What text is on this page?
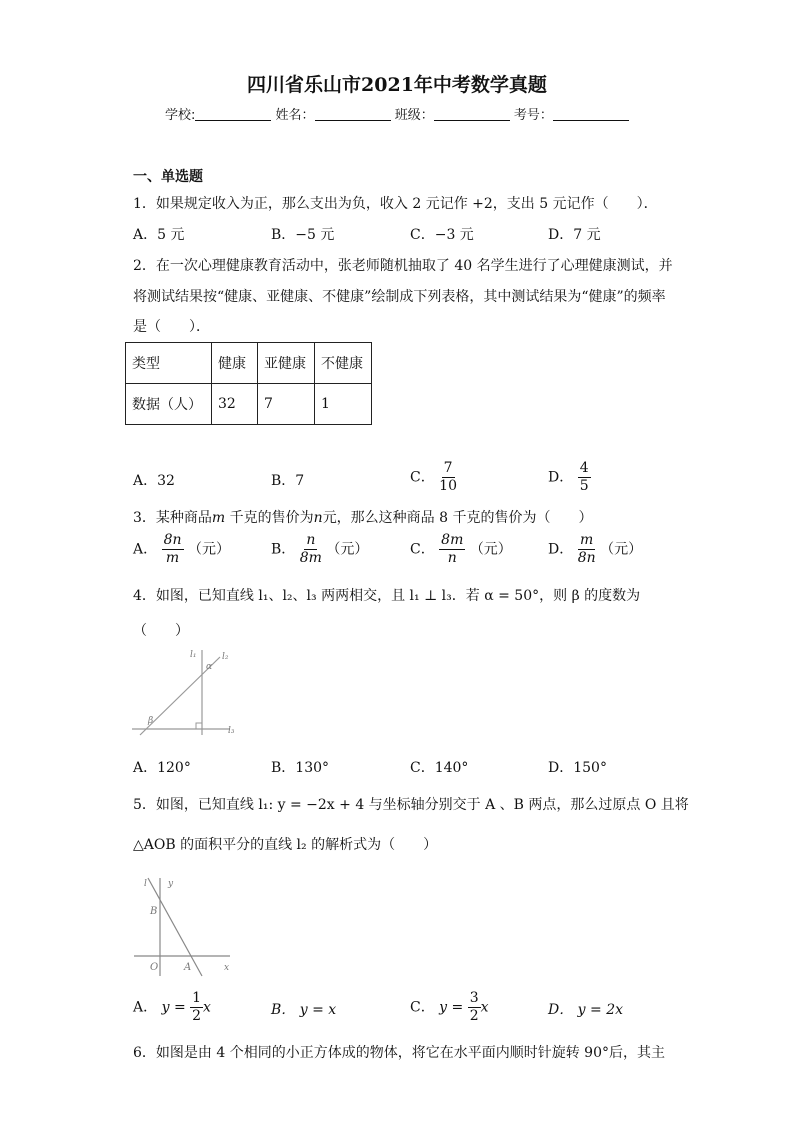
四川省乐山市2021年中考数学真题
学校:	姓名：	班级：	考号：
一、单选题
1．如果规定收入为正，那么支出为负，收入 2 元记作 +2，支出 5 元记作（　　）．
A．5 元	B．−5 元	C．−3 元	D．7 元
2．在一次心理健康教育活动中，张老师随机抽取了 40 名学生进行了心理健康测试，并
将测试结果按“健康、亚健康、不健康”绘制成下列表格，其中测试结果为“健康”的频率
是（　　）．
类型	健康	亚健康	不健康
数据（人）	32	7	1
A．32	B．7	C． $\frac{7}{10}$	D． $\frac{4}{5}$
3．某种商品m 千克的售价为n元，那么这种商品 8 千克的售价为（　　）
A． $\frac{8n}{m}$ （元）	B． $\frac{n}{8m}$ （元）	C． $\frac{8m}{n}$ （元）	D． $\frac{m}{8n}$ （元）
4．如图，已知直线 l₁、l₂、l₃ 两两相交，且 l₁ ⊥ l₃．若 α = 50°，则 β 的度数为
（　　）
l₁	l₂
α
β
l₃
A．120°	B．130°	C．140°	D．150°
5．如图，已知直线 l₁: y = −2x + 4 与坐标轴分别交于 A 、B 两点，那么过原点 O 且将
△AOB 的面积平分的直线 l₂ 的解析式为（　　）
l y
B
O	A	x
A． $y = \frac{1}{2}$ x	B． y = x	C． $y = \frac{3}{2}$ x	D． y = 2x
6．如图是由 4 个相同的小正方体成的物体，将它在水平面内顺时针旋转 90°后，其主
